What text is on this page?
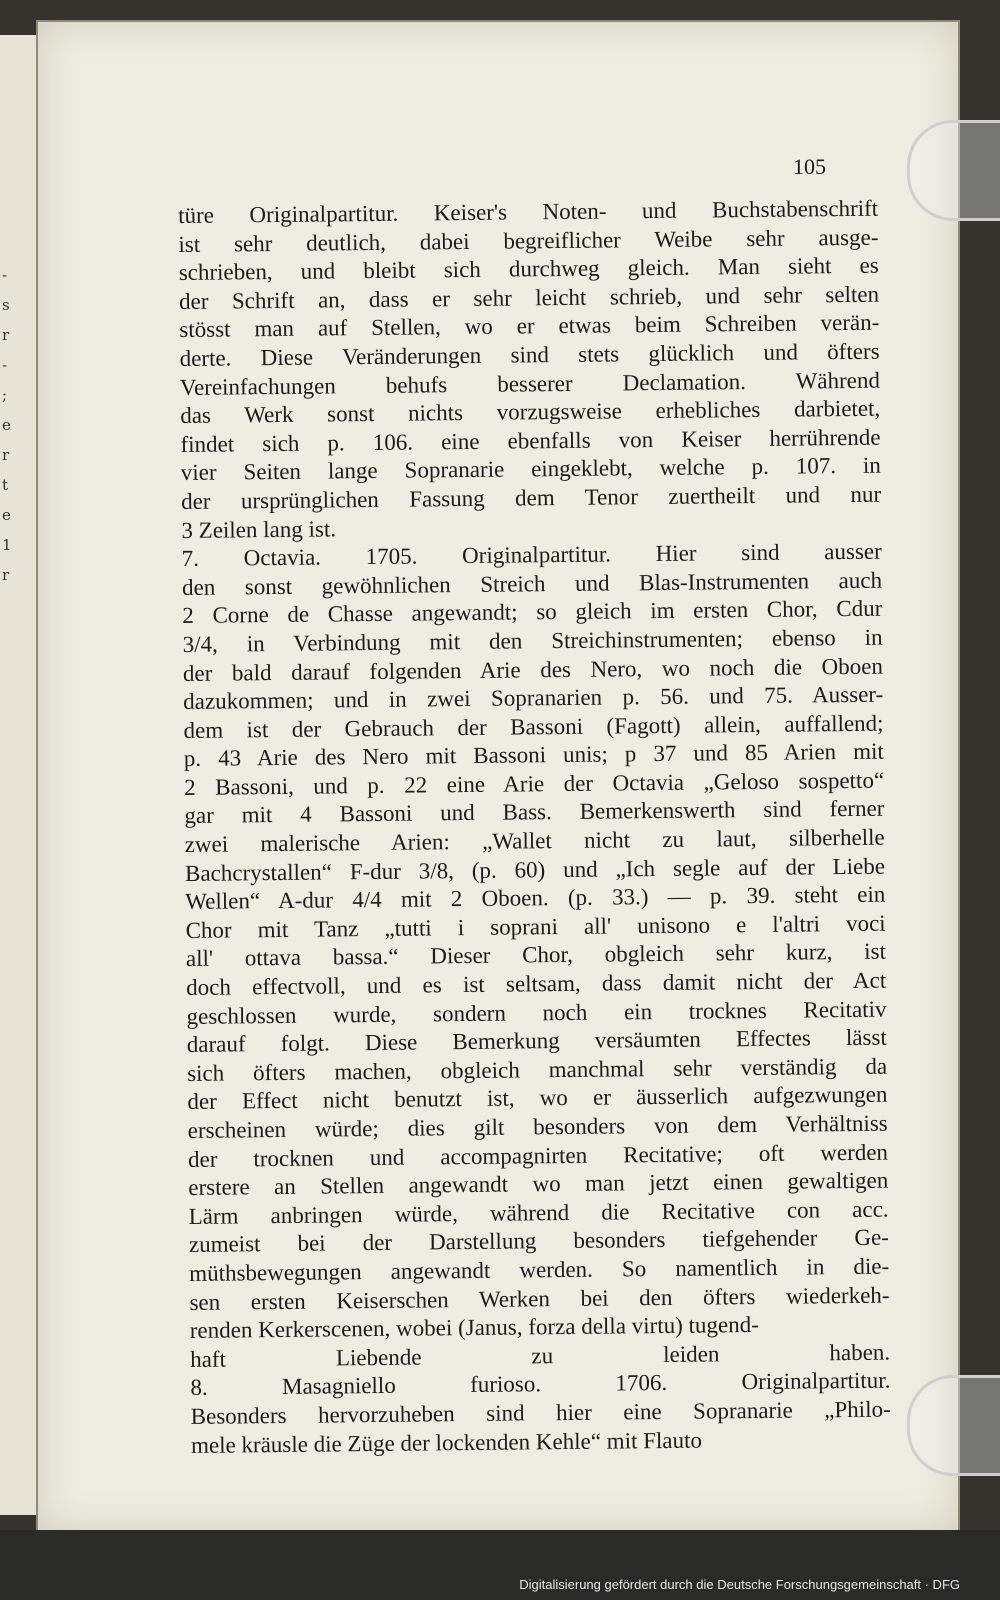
-
s
r
-
;
e
r
t
e
1
r
105
türe Originalpartitur. Keiser's Noten- und Buchstabenschrift
ist sehr deutlich, dabei begreiflicher Weibe sehr ausge-
schrieben, und bleibt sich durchweg gleich. Man sieht es
der Schrift an, dass er sehr leicht schrieb, und sehr selten
stösst man auf Stellen, wo er etwas beim Schreiben verän-
derte. Diese Veränderungen sind stets glücklich und öfters
Vereinfachungen behufs besserer Declamation. Während
das Werk sonst nichts vorzugsweise erhebliches darbietet,
findet sich p. 106. eine ebenfalls von Keiser herrührende
vier Seiten lange Sopranarie eingeklebt, welche p. 107. in
der ursprünglichen Fassung dem Tenor zuertheilt und nur
3 Zeilen lang ist.
7. Octavia. 1705. Originalpartitur. Hier sind ausser
den sonst gewöhnlichen Streich und Blas-Instrumenten auch
2 Corne de Chasse angewandt; so gleich im ersten Chor, Cdur
3/4, in Verbindung mit den Streichinstrumenten; ebenso in
der bald darauf folgenden Arie des Nero, wo noch die Oboen
dazukommen; und in zwei Sopranarien p. 56. und 75. Ausser-
dem ist der Gebrauch der Bassoni (Fagott) allein, auffallend;
p. 43 Arie des Nero mit Bassoni unis; p 37 und 85 Arien mit
2 Bassoni, und p. 22 eine Arie der Octavia „Geloso sospetto“
gar mit 4 Bassoni und Bass. Bemerkenswerth sind ferner
zwei malerische Arien: „Wallet nicht zu laut, silberhelle
Bachcrystallen“ F-dur 3/8, (p. 60) und „Ich segle auf der Liebe
Wellen“ A-dur 4/4 mit 2 Oboen. (p. 33.) — p. 39. steht ein
Chor mit Tanz „tutti i soprani all' unisono e l'altri voci
all' ottava bassa.“ Dieser Chor, obgleich sehr kurz, ist
doch effectvoll, und es ist seltsam, dass damit nicht der Act
geschlossen wurde, sondern noch ein trocknes Recitativ
darauf folgt. Diese Bemerkung versäumten Effectes lässt
sich öfters machen, obgleich manchmal sehr verständig da
der Effect nicht benutzt ist, wo er äusserlich aufgezwungen
erscheinen würde; dies gilt besonders von dem Verhältniss
der trocknen und accompagnirten Recitative; oft werden
erstere an Stellen angewandt wo man jetzt einen gewaltigen
Lärm anbringen würde, während die Recitative con acc.
zumeist bei der Darstellung besonders tiefgehender Ge-
müthsbewegungen angewandt werden. So namentlich in die-
sen ersten Keiserschen Werken bei den öfters wiederkeh-
renden Kerkerscenen, wobei (Janus, forza della virtu) tugend-
haft Liebende zu leiden haben.
8. Masagniello furioso. 1706. Originalpartitur.
Besonders hervorzuheben sind hier eine Sopranarie „Philo-
mele kräusle die Züge der lockenden Kehle“ mit Flauto
Digitalisierung gefördert durch die Deutsche Forschungsgemeinschaft · DFG
